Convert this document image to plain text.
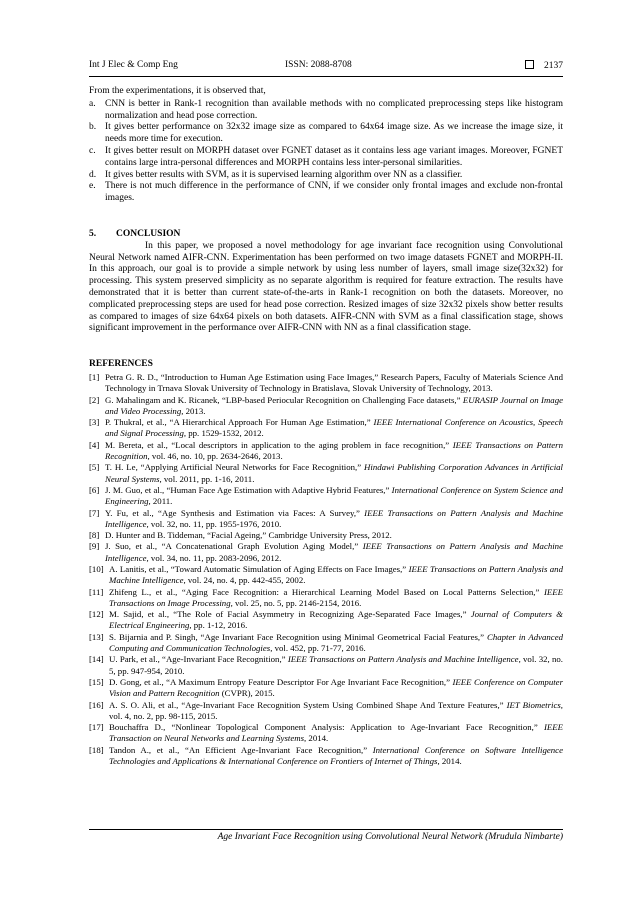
Int J Elec & Comp Eng	ISSN: 2088-8708	2137

From the experimentations, it is observed that,

a. CNN is better in Rank-1 recognition than available methods with no complicated preprocessing steps like histogram normalization and head pose correction.
b. It gives better performance on 32x32 image size as compared to 64x64 image size. As we increase the image size, it needs more time for execution.
c. It gives better result on MORPH dataset over FGNET dataset as it contains less age variant images. Moreover, FGNET contains large intra-personal differences and MORPH contains less inter-personal similarities.
d. It gives better results with SVM, as it is supervised learning algorithm over NN as a classifier.
e. There is not much difference in the performance of CNN, if we consider only frontal images and exclude non-frontal images.
5. CONCLUSION

In this paper, we proposed a novel methodology for age invariant face recognition using Convolutional Neural Network named AIFR-CNN. Experimentation has been performed on two image datasets FGNET and MORPH-II. In this approach, our goal is to provide a simple network by using less number of layers, small image size(32x32) for processing. This system preserved simplicity as no separate algorithm is required for feature extraction. The results have demonstrated that it is better than current state-of-the-arts in Rank-1 recognition on both the datasets. Moreover, no complicated preprocessing steps are used for head pose correction. Resized images of size 32x32 pixels show better results as compared to images of size 64x64 pixels on both datasets. AIFR-CNN with SVM as a final classification stage, shows significant improvement in the performance over AIFR-CNN with NN as a final classification stage.

REFERENCES
[1] Petra G. R. D., “Introduction to Human Age Estimation using Face Images,” Research Papers, Faculty of Materials Science And Technology in Trnava Slovak University of Technology in Bratislava, Slovak University of Technology, 2013.
[2] G. Mahalingam and K. Ricanek, “LBP-based Periocular Recognition on Challenging Face datasets,” EURASIP Journal on Image and Video Processing, 2013.
[3] P. Thukral, et al., “A Hierarchical Approach For Human Age Estimation,” IEEE International Conference on Acoustics, Speech and Signal Processing, pp. 1529-1532, 2012.
[4] M. Bereta, et al., “Local descriptors in application to the aging problem in face recognition,” IEEE Transactions on Pattern Recognition, vol. 46, no. 10, pp. 2634-2646, 2013.
[5] T. H. Le, “Applying Artificial Neural Networks for Face Recognition,” Hindawi Publishing Corporation Advances in Artificial Neural Systems, vol. 2011, pp. 1-16, 2011.
[6] J. M. Guo, et al., “Human Face Age Estimation with Adaptive Hybrid Features,” International Conference on System Science and Engineering, 2011.
[7] Y. Fu, et al., “Age Synthesis and Estimation via Faces: A Survey,” IEEE Transactions on Pattern Analysis and Machine Intelligence, vol. 32, no. 11, pp. 1955-1976, 2010.
[8] D. Hunter and B. Tiddeman, “Facial Ageing,” Cambridge University Press, 2012.
[9] J. Suo, et al., “A Concatenational Graph Evolution Aging Model,” IEEE Transactions on Pattern Analysis and Machine Intelligence, vol. 34, no. 11, pp. 2083-2096, 2012.
[10] A. Lanitis, et al., “Toward Automatic Simulation of Aging Effects on Face Images,” IEEE Transactions on Pattern Analysis and Machine Intelligence, vol. 24, no. 4, pp. 442-455, 2002.
[11] Zhifeng L., et al., “Aging Face Recognition: a Hierarchical Learning Model Based on Local Patterns Selection,” IEEE Transactions on Image Processing, vol. 25, no. 5, pp. 2146-2154, 2016.
[12] M. Sajid, et al., “The Role of Facial Asymmetry in Recognizing Age-Separated Face Images,” Journal of Computers & Electrical Engineering, pp. 1-12, 2016.
[13] S. Bijarnia and P. Singh, “Age Invariant Face Recognition using Minimal Geometrical Facial Features,” Chapter in Advanced Computing and Communication Technologies, vol. 452, pp. 71-77, 2016.
[14] U. Park, et al., “Age-Invariant Face Recognition,” IEEE Transactions on Pattern Analysis and Machine Intelligence, vol. 32, no. 5, pp. 947-954, 2010.
[15] D. Gong, et al., “A Maximum Entropy Feature Descriptor For Age Invariant Face Recognition,” IEEE Conference on Computer Vision and Pattern Recognition (CVPR), 2015.
[16] A. S. O. Ali, et al., “Age-Invariant Face Recognition System Using Combined Shape And Texture Features,” IET Biometrics, vol. 4, no. 2, pp. 98-115, 2015.
[17] Bouchaffra D., “Nonlinear Topological Component Analysis: Application to Age-Invariant Face Recognition,” IEEE Transaction on Neural Networks and Learning Systems, 2014.
[18] Tandon A., et al., “An Efficient Age-Invariant Face Recognition,” International Conference on Software Intelligence Technologies and Applications & International Conference on Frontiers of Internet of Things, 2014.
Age Invariant Face Recognition using Convolutional Neural Network (Mrudula Nimbarte)
